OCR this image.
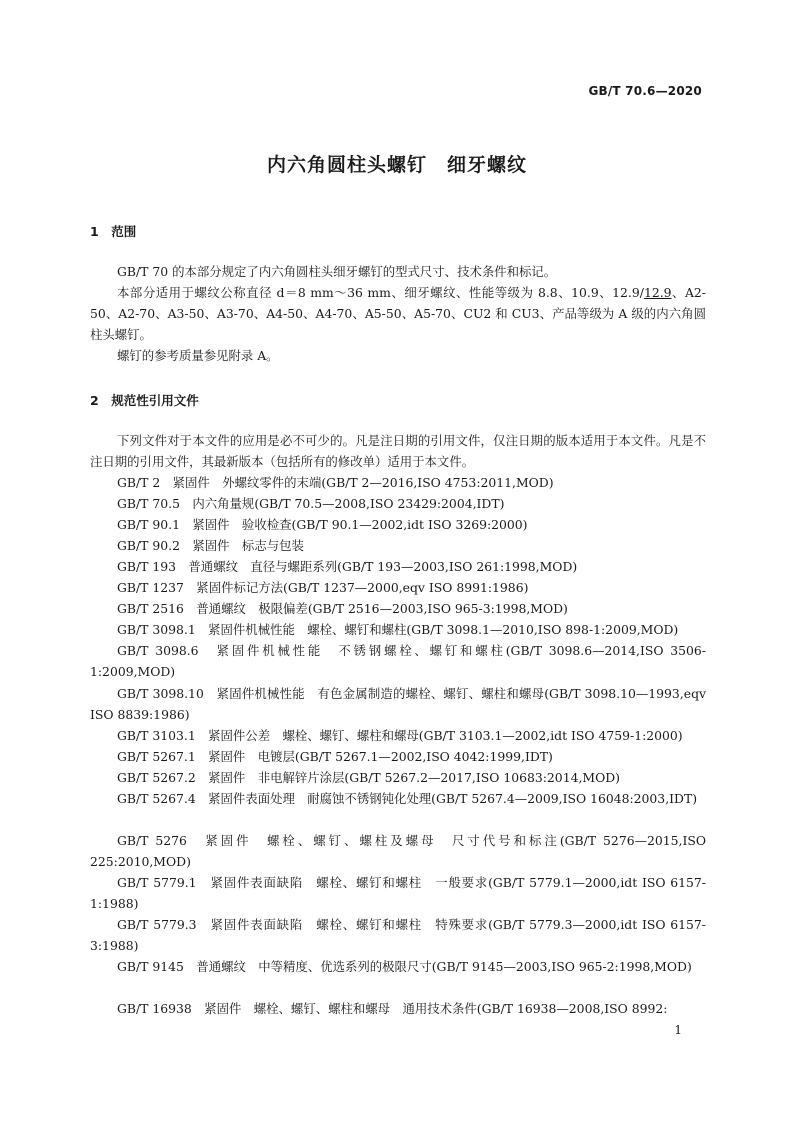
GB/T 70.6—2020
内六角圆柱头螺钉　细牙螺纹
1　范围

GB/T 70 的本部分规定了内六角圆柱头细牙螺钉的型式尺寸、技术条件和标记。

本部分适用于螺纹公称直径 d＝8 mm～36 mm、细牙螺纹、性能等级为 8.8、10.9、12.9/12.9、A2-50、A2-70、A3-50、A3-70、A4-50、A4-70、A5-50、A5-70、CU2 和 CU3、产品等级为 A 级的内六角圆柱头螺钉。

螺钉的参考质量参见附录 A。

2　规范性引用文件

下列文件对于本文件的应用是必不可少的。凡是注日期的引用文件，仅注日期的版本适用于本文件。凡是不注日期的引用文件，其最新版本（包括所有的修改单）适用于本文件。

GB/T 2　紧固件　外螺纹零件的末端(GB/T 2—2016,ISO 4753:2011,MOD)

GB/T 70.5　内六角量规(GB/T 70.5—2008,ISO 23429:2004,IDT)

GB/T 90.1　紧固件　验收检查(GB/T 90.1—2002,idt ISO 3269:2000)

GB/T 90.2　紧固件　标志与包装

GB/T 193　普通螺纹　直径与螺距系列(GB/T 193—2003,ISO 261:1998,MOD)

GB/T 1237　紧固件标记方法(GB/T 1237—2000,eqv ISO 8991:1986)

GB/T 2516　普通螺纹　极限偏差(GB/T 2516—2003,ISO 965-3:1998,MOD)

GB/T 3098.1　紧固件机械性能　螺栓、螺钉和螺柱(GB/T 3098.1—2010,ISO 898-1:2009,MOD)

GB/T 3098.6　紧固件机械性能　不锈钢螺栓、螺钉和螺柱(GB/T 3098.6—2014,ISO 3506-1:2009,MOD)

GB/T 3098.10　紧固件机械性能　有色金属制造的螺栓、螺钉、螺柱和螺母(GB/T 3098.10—1993,eqv ISO 8839:1986)

GB/T 3103.1　紧固件公差　螺栓、螺钉、螺柱和螺母(GB/T 3103.1—2002,idt ISO 4759-1:2000)

GB/T 5267.1　紧固件　电镀层(GB/T 5267.1—2002,ISO 4042:1999,IDT)

GB/T 5267.2　紧固件　非电解锌片涂层(GB/T 5267.2—2017,ISO 10683:2014,MOD)

GB/T 5267.4　紧固件表面处理　耐腐蚀不锈钢钝化处理(GB/T 5267.4—2009,ISO 16048:2003,IDT)

GB/T 5276　紧固件　螺栓、螺钉、螺柱及螺母　尺寸代号和标注(GB/T 5276—2015,ISO 225:2010,MOD)

GB/T 5779.1　紧固件表面缺陷　螺栓、螺钉和螺柱　一般要求(GB/T 5779.1—2000,idt ISO 6157-1:1988)

GB/T 5779.3　紧固件表面缺陷　螺栓、螺钉和螺柱　特殊要求(GB/T 5779.3—2000,idt ISO 6157-3:1988)

GB/T 9145　普通螺纹　中等精度、优选系列的极限尺寸(GB/T 9145—2003,ISO 965-2:1998,MOD)

GB/T 16938　紧固件　螺栓、螺钉、螺柱和螺母　通用技术条件(GB/T 16938—2008,ISO 8992:

1
